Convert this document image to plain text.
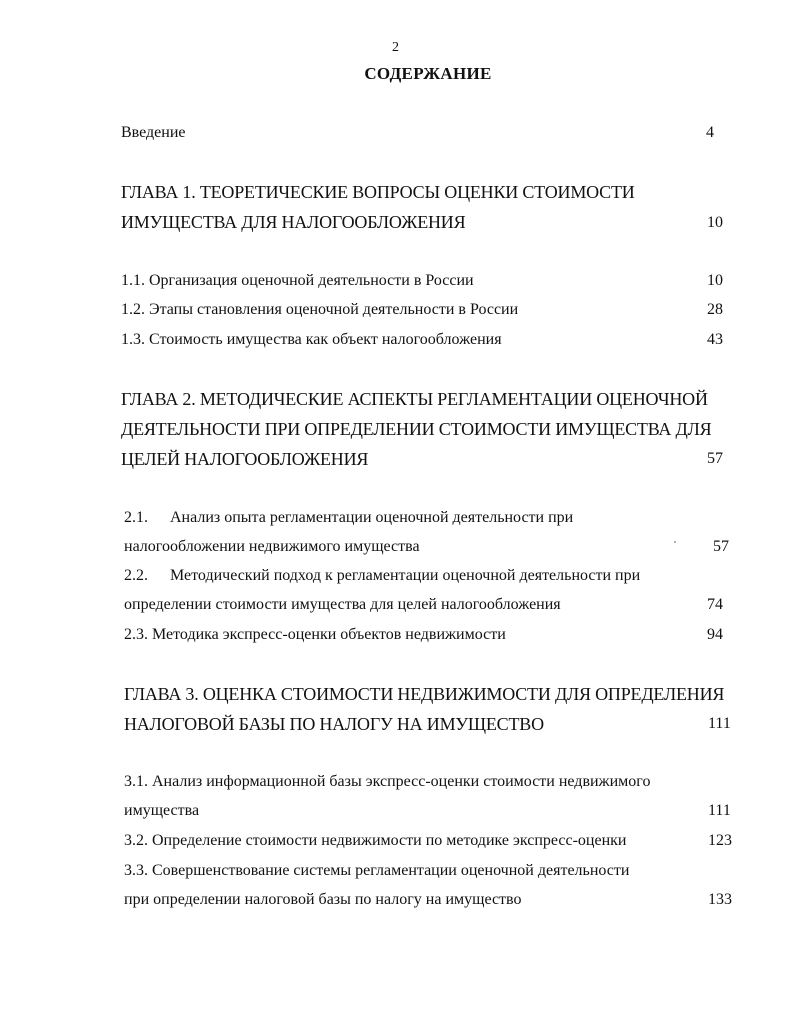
2
СОДЕРЖАНИЕ
Введение	4
ГЛАВА 1. ТЕОРЕТИЧЕСКИЕ ВОПРОСЫ ОЦЕНКИ СТОИМОСТИ
ИМУЩЕСТВА ДЛЯ НАЛОГООБЛОЖЕНИЯ	10
1.1. Организация оценочной деятельности в России	10
1.2. Этапы становления оценочной деятельности в России	28
1.3. Стоимость имущества как объект налогообложения	43
ГЛАВА 2. МЕТОДИЧЕСКИЕ АСПЕКТЫ РЕГЛАМЕНТАЦИИ ОЦЕНОЧНОЙ
ДЕЯТЕЛЬНОСТИ ПРИ ОПРЕДЕЛЕНИИ СТОИМОСТИ ИМУЩЕСТВА ДЛЯ
ЦЕЛЕЙ НАЛОГООБЛОЖЕНИЯ	57
2.1. Анализ опыта регламентации оценочной деятельности при
налогообложении недвижимого имущества	57
2.2. Методический подход к регламентации оценочной деятельности при
определении стоимости имущества для целей налогообложения	74
2.3. Методика экспресс-оценки объектов недвижимости	94
ГЛАВА 3. ОЦЕНКА СТОИМОСТИ НЕДВИЖИМОСТИ ДЛЯ ОПРЕДЕЛЕНИЯ
НАЛОГОВОЙ БАЗЫ ПО НАЛОГУ НА ИМУЩЕСТВО	111
3.1. Анализ информационной базы экспресс-оценки стоимости недвижимого
имущества	111
3.2. Определение стоимости недвижимости по методике экспресс-оценки	123
3.3. Совершенствование системы регламентации оценочной деятельности
при определении налоговой базы по налогу на имущество	133
